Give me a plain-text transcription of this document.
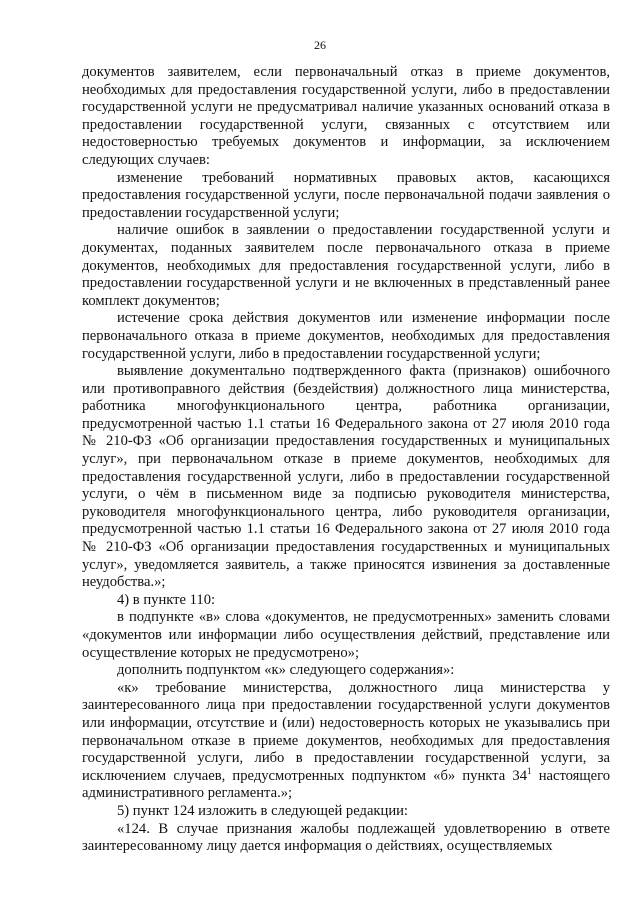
26

документов заявителем, если первоначальный отказ в приеме документов, необходимых для предоставления государственной услуги, либо в предоставлении государственной услуги не предусматривал наличие указанных оснований отказа в предоставлении государственной услуги, связанных с отсутствием или недостоверностью требуемых документов и информации, за исключением следующих случаев:

изменение требований нормативных правовых актов, касающихся предоставления государственной услуги, после первоначальной подачи заявления о предоставлении государственной услуги;

наличие ошибок в заявлении о предоставлении государственной услуги и документах, поданных заявителем после первоначального отказа в приеме документов, необходимых для предоставления государственной услуги, либо в предоставлении государственной услуги и не включенных в представленный ранее комплект документов;

истечение срока действия документов или изменение информации после первоначального отказа в приеме документов, необходимых для предоставления государственной услуги, либо в предоставлении государственной услуги;

выявление документально подтвержденного факта (признаков) ошибочного или противоправного действия (бездействия) должностного лица министерства, работника многофункционального центра, работника организации, предусмотренной частью 1.1 статьи 16 Федерального закона от 27 июля 2010 года № 210-ФЗ «Об организации предоставления государственных и муниципальных услуг», при первоначальном отказе в приеме документов, необходимых для предоставления государственной услуги, либо в предоставлении государственной услуги, о чём в письменном виде за подписью руководителя министерства, руководителя многофункционального центра, либо руководителя организации, предусмотренной частью 1.1 статьи 16 Федерального закона от 27 июля 2010 года № 210-ФЗ «Об организации предоставления государственных и муниципальных услуг», уведомляется заявитель, а также приносятся извинения за доставленные неудобства.»;

4) в пункте 110:

в подпункте «в» слова «документов, не предусмотренных» заменить словами «документов или информации либо осуществления действий, представление или осуществление которых не предусмотрено»;

дополнить подпунктом «к» следующего содержания»:

«к» требование министерства, должностного лица министерства у заинтересованного лица при предоставлении государственной услуги документов или информации, отсутствие и (или) недостоверность которых не указывались при первоначальном отказе в приеме документов, необходимых для предоставления государственной услуги, либо в предоставлении государственной услуги, за исключением случаев, предусмотренных подпунктом «б» пункта $34^1$ настоящего административного регламента.»;

5) пункт 124 изложить в следующей редакции:

«124. В случае признания жалобы подлежащей удовлетворению в ответе заинтересованному лицу дается информация о действиях, осуществляемых
